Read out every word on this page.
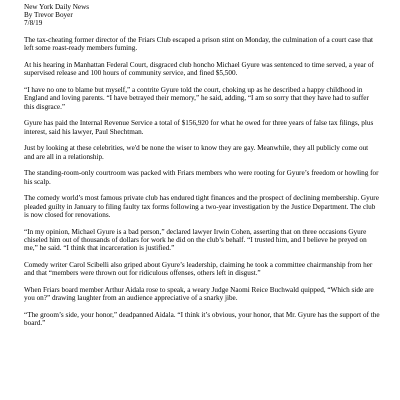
New York Daily News

By Trevor Boyer

7/8/19

The tax-cheating former director of the Friars Club escaped a prison stint on Monday, the culmination of a court case that left some roast-ready members fuming.

At his hearing in Manhattan Federal Court, disgraced club honcho Michael Gyure was sentenced to time served, a year of supervised release and 100 hours of community service, and fined $5,500.

“I have no one to blame but myself,” a contrite Gyure told the court, choking up as he described a happy childhood in England and loving parents. “I have betrayed their memory,” he said, adding, “I am so sorry that they have had to suffer this disgrace.”

Gyure has paid the Internal Revenue Service a total of $156,920 for what he owed for three years of false tax filings, plus interest, said his lawyer, Paul Shechtman.

Just by looking at these celebrities, we'd be none the wiser to know they are gay. Meanwhile, they all publicly come out and are all in a relationship.

The standing-room-only courtroom was packed with Friars members who were rooting for Gyure’s freedom or howling for his scalp.

The comedy world’s most famous private club has endured tight finances and the prospect of declining membership. Gyure pleaded guilty in January to filing faulty tax forms following a two-year investigation by the Justice Department. The club is now closed for renovations.

“In my opinion, Michael Gyure is a bad person,” declared lawyer Irwin Cohen, asserting that on three occasions Gyure chiseled him out of thousands of dollars for work he did on the club’s behalf. “I trusted him, and I believe he preyed on me,” he said. “I think that incarceration is justified.”

Comedy writer Carol Scibelli also griped about Gyure’s leadership, claiming he took a committee chairmanship from her and that “members were thrown out for ridiculous offenses, others left in disgust.”

When Friars board member Arthur Aidala rose to speak, a weary Judge Naomi Reice Buchwald quipped, “Which side are you on?” drawing laughter from an audience appreciative of a snarky jibe.

“The groom’s side, your honor,” deadpanned Aidala. “I think it’s obvious, your honor, that Mr. Gyure has the support of the board.”
